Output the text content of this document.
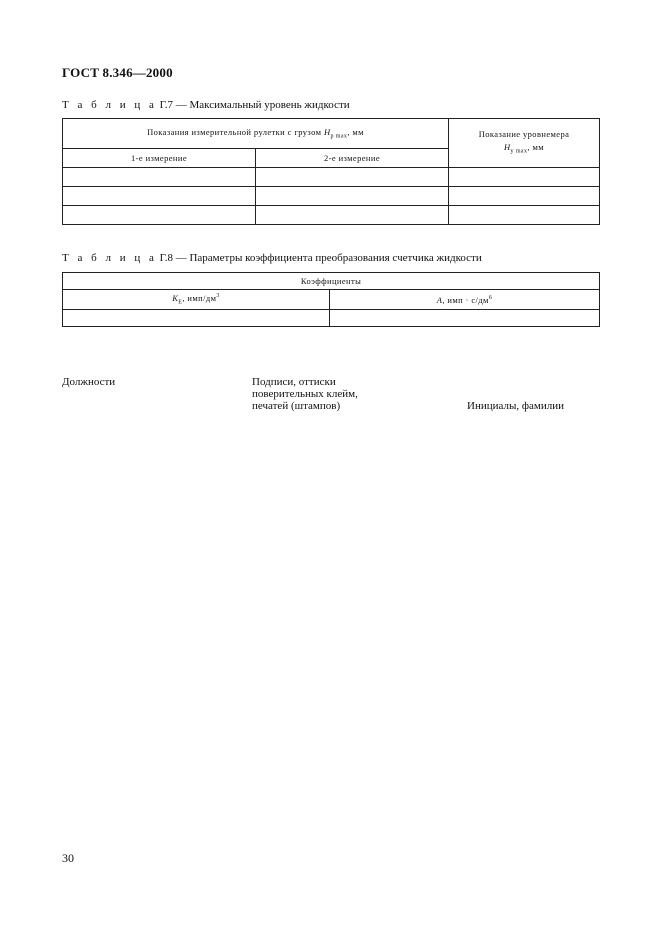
ГОСТ 8.346—2000
Т а б л и ц а Г.7 — Максимальный уровень жидкости
Показания измерительной рулетки с грузом $H_{p max}$, мм		Показание уровнемера
$H_{y max}$, мм
1-е измерение	2-е измерение	

Т а б л и ц а Г.8 — Параметры коэффициента преобразования счетчика жидкости
Коэффициенты	
$K_E$, имп/$дм^3$	A, имп · $с/дм^6$

Должности	Подписи, оттиски
поверительных клейм,
печатей (штампов)	Инициалы, фамилии
30
